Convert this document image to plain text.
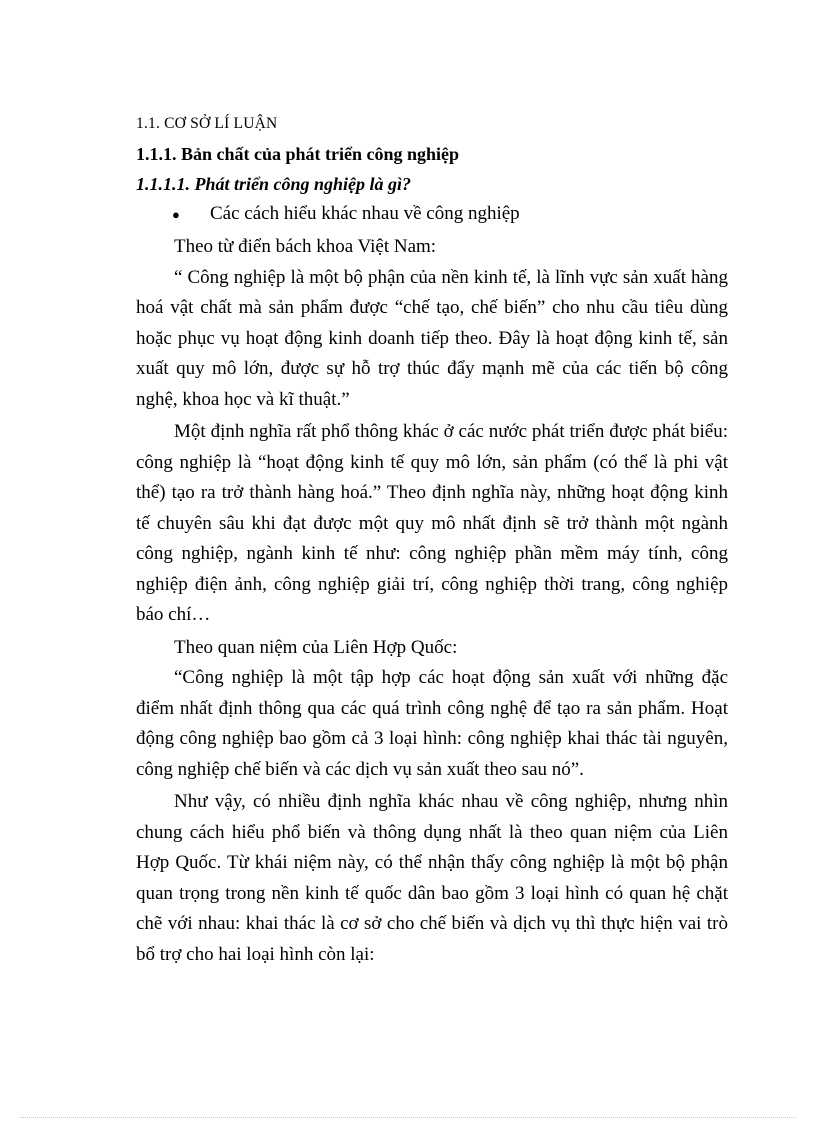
1.1. CƠ SỞ LÍ LUẬN
1.1.1. Bản chất của phát triển công nghiệp
1.1.1.1. Phát triển công nghiệp là gì?
●	Các cách hiểu khác nhau về công nghiệp

Theo từ điển bách khoa Việt Nam:

“ Công nghiệp là một bộ phận của nền kinh tế, là lĩnh vực sản xuất hàng hoá vật chất mà sản phẩm được “chế tạo, chế biến” cho nhu cầu tiêu dùng hoặc phục vụ hoạt động kinh doanh tiếp theo. Đây là hoạt động kinh tế, sản xuất quy mô lớn, được sự hỗ trợ thúc đẩy mạnh mẽ của các tiến bộ công nghệ, khoa học và kĩ thuật.”

Một định nghĩa rất phổ thông khác ở các nước phát triển được phát biểu: công nghiệp là “hoạt động kinh tế quy mô lớn, sản phẩm (có thể là phi vật thể) tạo ra trở thành hàng hoá.” Theo định nghĩa này, những hoạt động kinh tế chuyên sâu khi đạt được một quy mô nhất định sẽ trở thành một ngành công nghiệp, ngành kinh tế như: công nghiệp phần mềm máy tính, công nghiệp điện ảnh, công nghiệp giải trí, công nghiệp thời trang, công nghiệp báo chí…

Theo quan niệm của Liên Hợp Quốc:

“Công nghiệp là một tập hợp các hoạt động sản xuất với những đặc điểm nhất định thông qua các quá trình công nghệ để tạo ra sản phẩm. Hoạt động công nghiệp bao gồm cả 3 loại hình: công nghiệp khai thác tài nguyên, công nghiệp chế biến và các dịch vụ sản xuất theo sau nó”.

Như vậy, có nhiều định nghĩa khác nhau về công nghiệp, nhưng nhìn chung cách hiểu phổ biến và thông dụng nhất là theo quan niệm của Liên Hợp Quốc. Từ khái niệm này, có thể nhận thấy công nghiệp là một bộ phận quan trọng trong nền kinh tế quốc dân bao gồm 3 loại hình có quan hệ chặt chẽ với nhau: khai thác là cơ sở cho chế biến và dịch vụ thì thực hiện vai trò bổ trợ cho hai loại hình còn lại:
